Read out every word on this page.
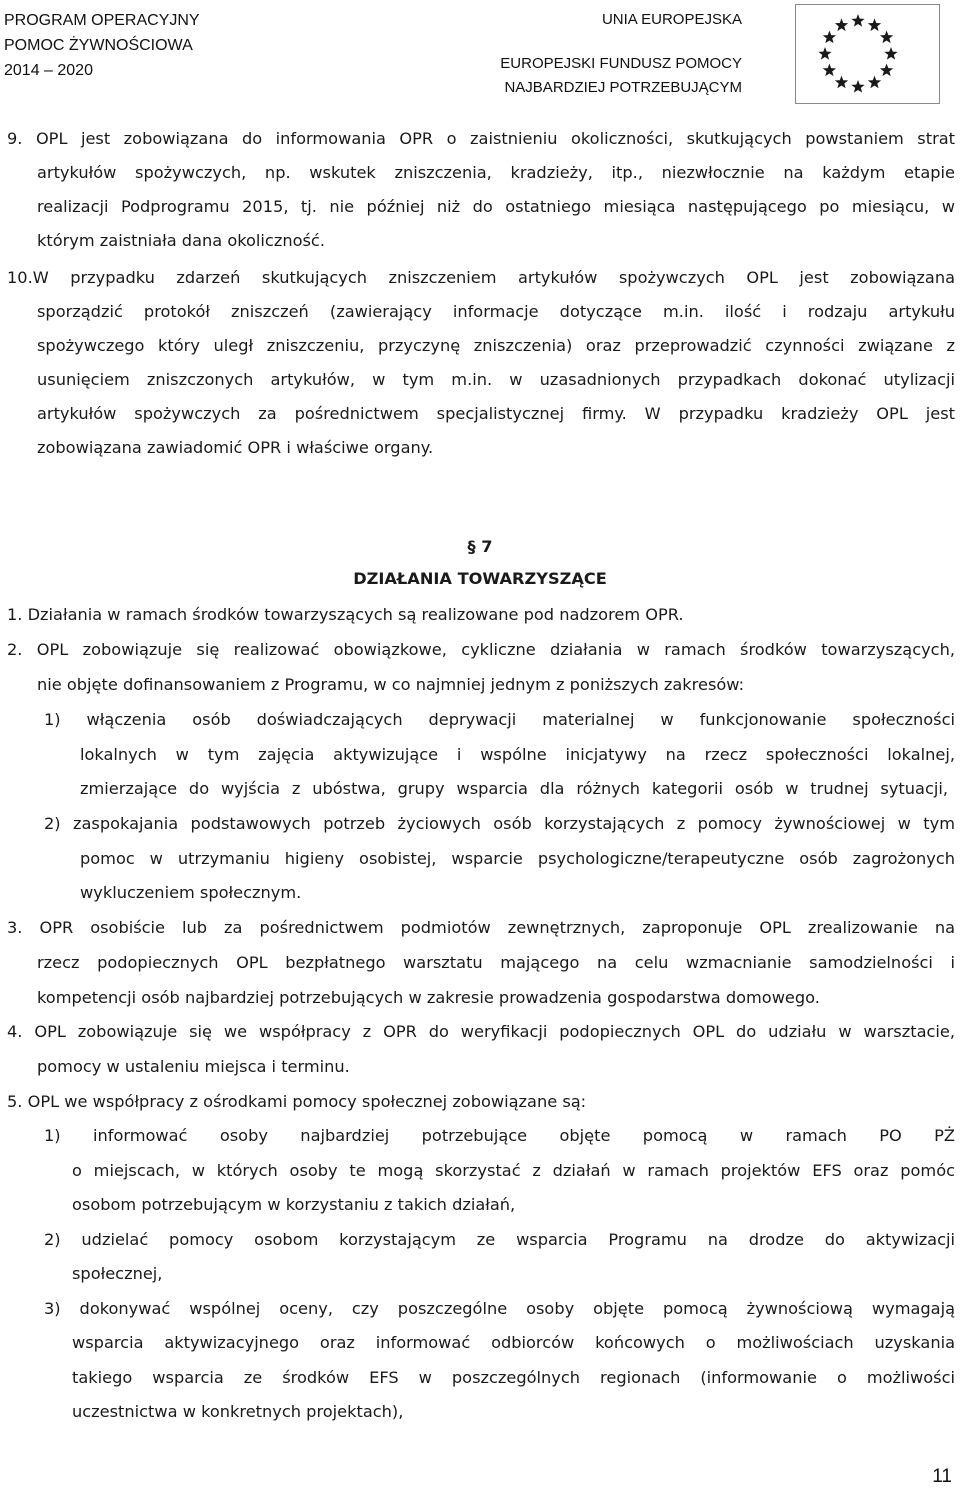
PROGRAM OPERACYJNY
POMOC ŻYWNOŚCIOWA
2014 – 2020
UNIA EUROPEJSKA
EUROPEJSKI FUNDUSZ POMOCY
NAJBARDZIEJ POTRZEBUJĄCYM
9. OPL jest zobowiązana do informowania OPR o zaistnieniu okoliczności, skutkujących powstaniem strat
artykułów spożywczych, np. wskutek zniszczenia, kradzieży, itp., niezwłocznie na każdym etapie
realizacji Podprogramu 2015, tj. nie później niż do ostatniego miesiąca następującego po miesiącu, w
którym zaistniała dana okoliczność.
10.W przypadku zdarzeń skutkujących zniszczeniem artykułów spożywczych OPL jest zobowiązana
sporządzić protokół zniszczeń (zawierający informacje dotyczące m.in. ilość i rodzaju artykułu
spożywczego który uległ zniszczeniu, przyczynę zniszczenia) oraz przeprowadzić czynności związane z
usunięciem zniszczonych artykułów, w tym m.in. w uzasadnionych przypadkach dokonać utylizacji
artykułów spożywczych za pośrednictwem specjalistycznej firmy. W przypadku kradzieży OPL jest
zobowiązana zawiadomić OPR i właściwe organy.
§ 7
DZIAŁANIA TOWARZYSZĄCE
1. Działania w ramach środków towarzyszących są realizowane pod nadzorem OPR.
2. OPL zobowiązuje się realizować obowiązkowe, cykliczne działania w ramach środków towarzyszących,
nie objęte dofinansowaniem z Programu, w co najmniej jednym z poniższych zakresów:
1) włączenia osób doświadczających deprywacji materialnej w funkcjonowanie społeczności
lokalnych w tym zajęcia aktywizujące i wspólne inicjatywy na rzecz społeczności lokalnej,
zmierzające do wyjścia z ubóstwa, grupy wsparcia dla różnych kategorii osób w trudnej sytuacji,
2) zaspokajania podstawowych potrzeb życiowych osób korzystających z pomocy żywnościowej w tym
pomoc w utrzymaniu higieny osobistej, wsparcie psychologiczne/terapeutyczne osób zagrożonych
wykluczeniem społecznym.
3. OPR osobiście lub za pośrednictwem podmiotów zewnętrznych, zaproponuje OPL zrealizowanie na
rzecz podopiecznych OPL bezpłatnego warsztatu mającego na celu wzmacnianie samodzielności i
kompetencji osób najbardziej potrzebujących w zakresie prowadzenia gospodarstwa domowego.
4. OPL zobowiązuje się we współpracy z OPR do weryfikacji podopiecznych OPL do udziału w warsztacie,
pomocy w ustaleniu miejsca i terminu.
5. OPL we współpracy z ośrodkami pomocy społecznej zobowiązane są:
1) informować osoby najbardziej potrzebujące objęte pomocą w ramach PO PŻ
o miejscach, w których osoby te mogą skorzystać z działań w ramach projektów EFS oraz pomóc
osobom potrzebującym w korzystaniu z takich działań,
2) udzielać pomocy osobom korzystającym ze wsparcia Programu na drodze do aktywizacji
społecznej,
3) dokonywać wspólnej oceny, czy poszczególne osoby objęte pomocą żywnościową wymagają
wsparcia aktywizacyjnego oraz informować odbiorców końcowych o możliwościach uzyskania
takiego wsparcia ze środków EFS w poszczególnych regionach (informowanie o możliwości
uczestnictwa w konkretnych projektach),
11
